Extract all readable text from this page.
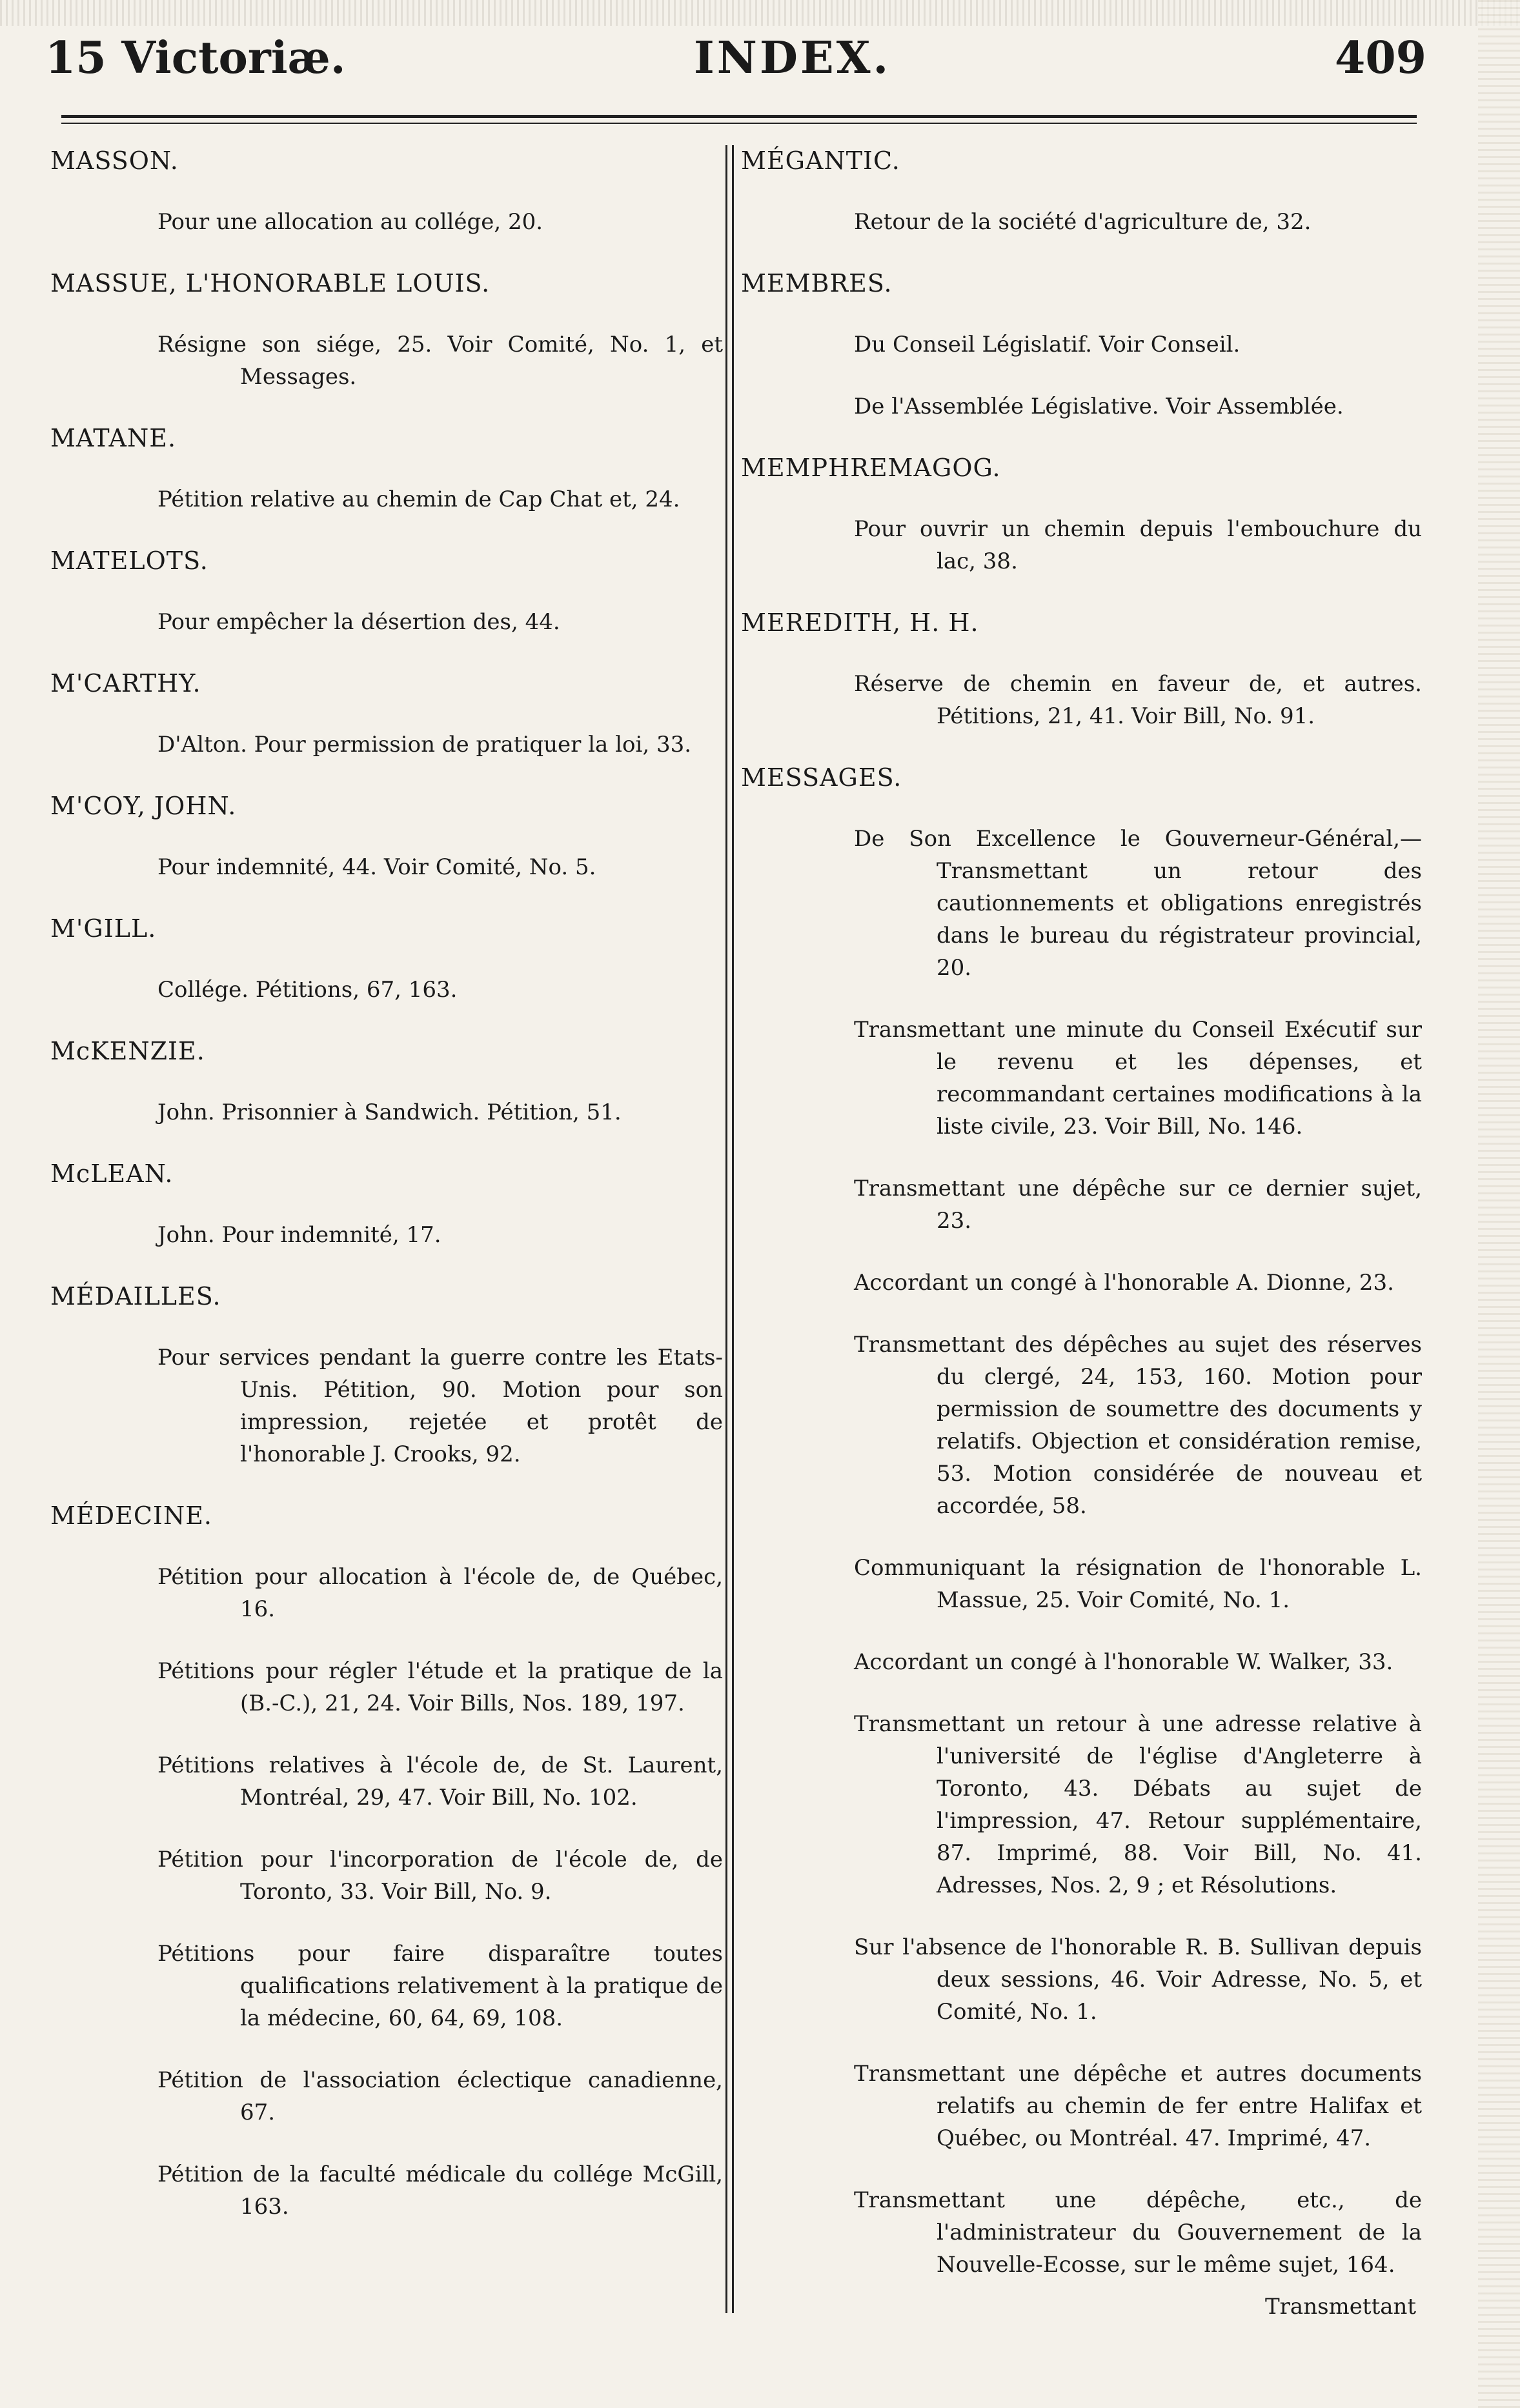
15 Victoriæ.	INDEX.	409
MASSON.
Pour une allocation au collége, 20.
MASSUE, L'HONORABLE LOUIS.
Résigne son siége, 25. Voir Comité, No. 1, et Messages.
MATANE.
Pétition relative au chemin de Cap Chat et, 24.
MATELOTS.
Pour empêcher la désertion des, 44.
M'CARTHY.
D'Alton. Pour permission de pratiquer la loi, 33.
M'COY, JOHN.
Pour indemnité, 44. Voir Comité, No. 5.
M'GILL.
Collége. Pétitions, 67, 163.
McKENZIE.
John. Prisonnier à Sandwich. Pétition, 51.
McLEAN.
John. Pour indemnité, 17.
MÉDAILLES.
Pour services pendant la guerre contre les Etats-Unis. Pétition, 90. Motion pour son impression, rejetée et protêt de l'honorable J. Crooks, 92.
MÉDECINE.
Pétition pour allocation à l'école de, de Québec, 16.
Pétitions pour régler l'étude et la pratique de la (B.-C.), 21, 24. Voir Bills, Nos. 189, 197.
Pétitions relatives à l'école de, de St. Laurent, Montréal, 29, 47. Voir Bill, No. 102.
Pétition pour l'incorporation de l'école de, de Toronto, 33. Voir Bill, No. 9.
Pétitions pour faire disparaître toutes qualifications relativement à la pratique de la médecine, 60, 64, 69, 108.
Pétition de l'association éclectique canadienne, 67.
Pétition de la faculté médicale du collége McGill, 163.
MÉGANTIC.
Retour de la société d'agriculture de, 32.
MEMBRES.
Du Conseil Législatif. Voir Conseil.
De l'Assemblée Législative. Voir Assemblée.
MEMPHREMAGOG.
Pour ouvrir un chemin depuis l'embouchure du lac, 38.
MEREDITH, H. H.
Réserve de chemin en faveur de, et autres. Pétitions, 21, 41. Voir Bill, No. 91.
MESSAGES.
De Son Excellence le Gouverneur-Général,—Transmettant un retour des cautionnements et obligations enregistrés dans le bureau du régistrateur provincial, 20.
Transmettant une minute du Conseil Exécutif sur le revenu et les dépenses, et recommandant certaines modifications à la liste civile, 23. Voir Bill, No. 146.
Transmettant une dépêche sur ce dernier sujet, 23.
Accordant un congé à l'honorable A. Dionne, 23.
Transmettant des dépêches au sujet des réserves du clergé, 24, 153, 160. Motion pour permission de soumettre des documents y relatifs. Objection et considération remise, 53. Motion considérée de nouveau et accordée, 58.
Communiquant la résignation de l'honorable L. Massue, 25. Voir Comité, No. 1.
Accordant un congé à l'honorable W. Walker, 33.
Transmettant un retour à une adresse relative à l'université de l'église d'Angleterre à Toronto, 43. Débats au sujet de l'impression, 47. Retour supplémentaire, 87. Imprimé, 88. Voir Bill, No. 41. Adresses, Nos. 2, 9 ; et Résolutions.
Sur l'absence de l'honorable R. B. Sullivan depuis deux sessions, 46. Voir Adresse, No. 5, et Comité, No. 1.
Transmettant une dépêche et autres documents relatifs au chemin de fer entre Halifax et Québec, ou Montréal. 47. Imprimé, 47.
Transmettant une dépêche, etc., de l'administrateur du Gouvernement de la Nouvelle-Ecosse, sur le même sujet, 164.
Transmettant
